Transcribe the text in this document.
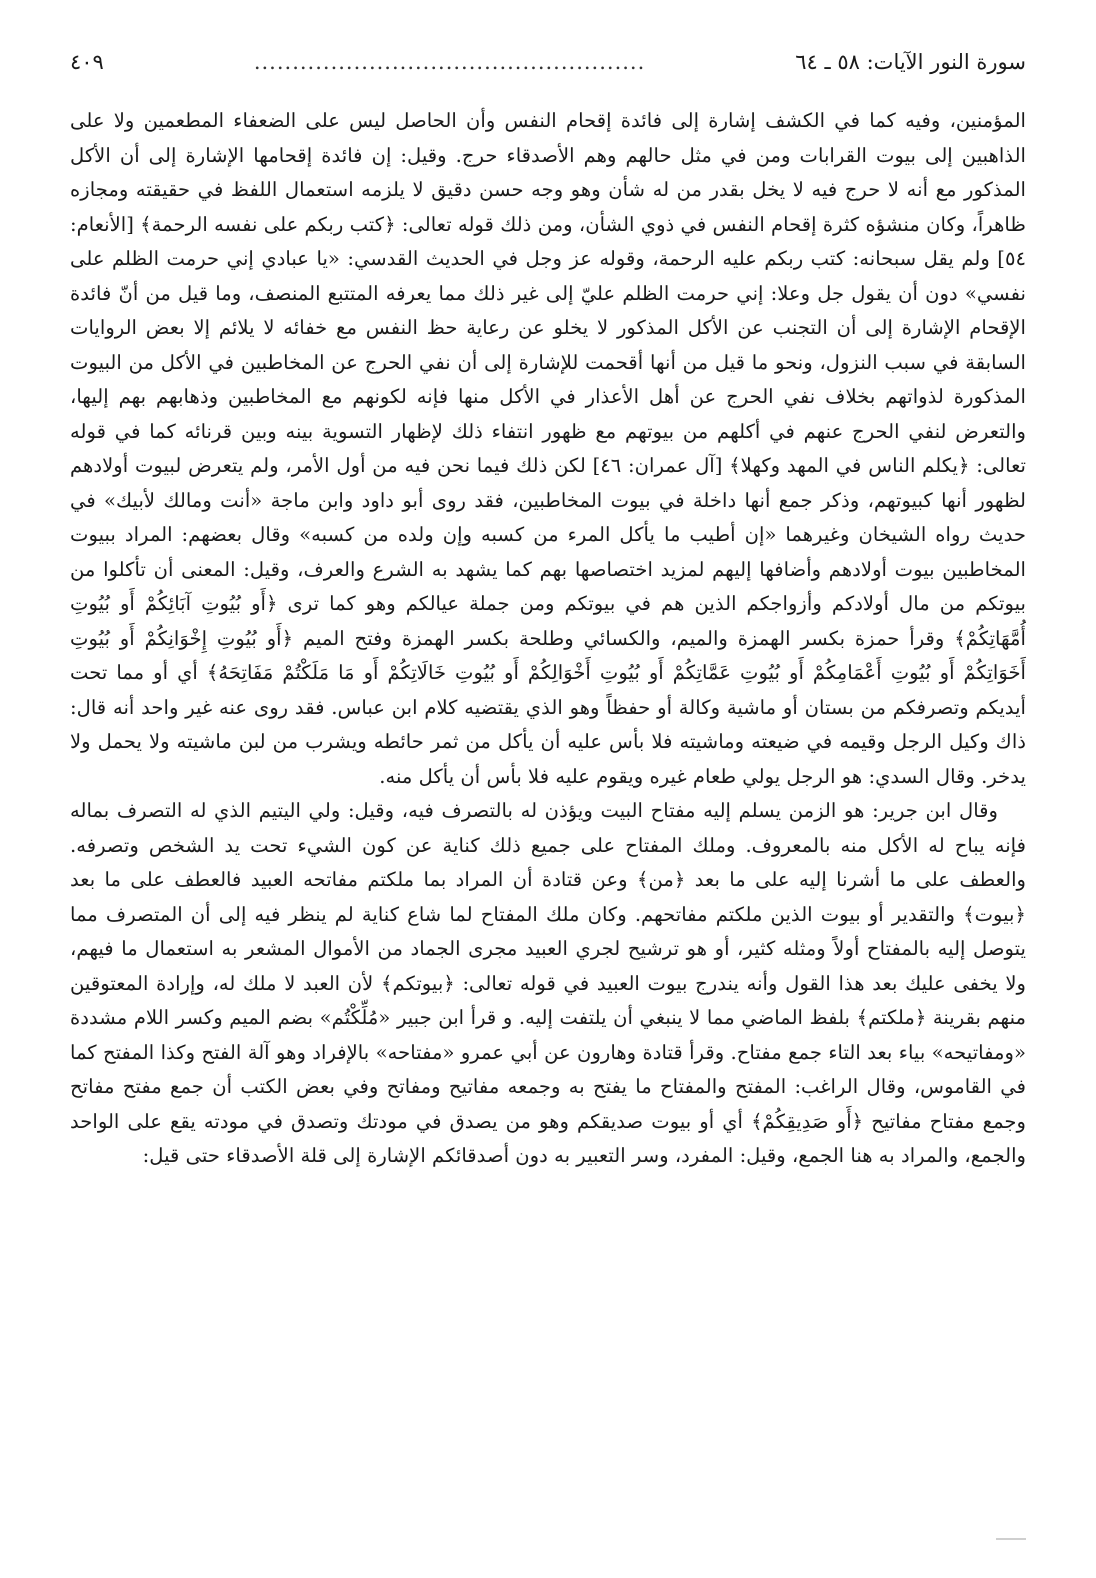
سورة النور الآيات: ٥٨ ـ ٦٤
...................................................
٤٠٩

المؤمنين، وفيه كما في الكشف إشارة إلى فائدة إقحام النفس وأن الحاصل ليس على الضعفاء المطعمين ولا على الذاهبين إلى بيوت القرابات ومن في مثل حالهم وهم الأصدقاء حرج. وقيل: إن فائدة إقحامها الإشارة إلى أن الأكل المذكور مع أنه لا حرج فيه لا يخل بقدر من له شأن وهو وجه حسن دقيق لا يلزمه استعمال اللفظ في حقيقته ومجازه ظاهراً، وكان منشؤه كثرة إقحام النفس في ذوي الشأن، ومن ذلك قوله تعالى: ﴿كتب ربكم على نفسه الرحمة﴾ [الأنعام: ٥٤] ولم يقل سبحانه: كتب ربكم عليه الرحمة، وقوله عز وجل في الحديث القدسي: «يا عبادي إني حرمت الظلم على نفسي» دون أن يقول جل وعلا: إني حرمت الظلم عليّ إلى غير ذلك مما يعرفه المتتبع المنصف، وما قيل من أنّ فائدة الإقحام الإشارة إلى أن التجنب عن الأكل المذكور لا يخلو عن رعاية حظ النفس مع خفائه لا يلائم إلا بعض الروايات السابقة في سبب النزول، ونحو ما قيل من أنها أقحمت للإشارة إلى أن نفي الحرج عن المخاطبين في الأكل من البيوت المذكورة لذواتهم بخلاف نفي الحرج عن أهل الأعذار في الأكل منها فإنه لكونهم مع المخاطبين وذهابهم بهم إليها، والتعرض لنفي الحرج عنهم في أكلهم من بيوتهم مع ظهور انتفاء ذلك لإظهار التسوية بينه وبين قرنائه كما في قوله تعالى: ﴿يكلم الناس في المهد وكهلا﴾ [آل عمران: ٤٦] لكن ذلك فيما نحن فيه من أول الأمر، ولم يتعرض لبيوت أولادهم لظهور أنها كبيوتهم، وذكر جمع أنها داخلة في بيوت المخاطبين، فقد روى أبو داود وابن ماجة «أنت ومالك لأبيك» في حديث رواه الشيخان وغيرهما «إن أطيب ما يأكل المرء من كسبه وإن ولده من كسبه» وقال بعضهم: المراد ببيوت المخاطبين بيوت أولادهم وأضافها إليهم لمزيد اختصاصها بهم كما يشهد به الشرع والعرف، وقيل: المعنى أن تأكلوا من بيوتكم من مال أولادكم وأزواجكم الذين هم في بيوتكم ومن جملة عيالكم وهو كما ترى ﴿أَو بُيُوتِ آبَائِكُمْ أَو بُيُوتِ أُمَّهَاتِكُمْ﴾ وقرأ حمزة بكسر الهمزة والميم، والكسائي وطلحة بكسر الهمزة وفتح الميم ﴿أَو بُيُوتِ إِخْوَانِكُمْ أَو بُيُوتِ أَخَوَاتِكُمْ أَو بُيُوتِ أَعْمَامِكُمْ أَو بُيُوتِ عَمَّاتِكُمْ أَو بُيُوتِ أَخْوَالِكُمْ أَو بُيُوتِ خَالَاتِكُمْ أَو مَا مَلَكْتُمْ مَفَاتِحَهُ﴾ أي أو مما تحت أيديكم وتصرفكم من بستان أو ماشية وكالة أو حفظاً وهو الذي يقتضيه كلام ابن عباس. فقد روى عنه غير واحد أنه قال: ذاك وكيل الرجل وقيمه في ضيعته وماشيته فلا بأس عليه أن يأكل من ثمر حائطه ويشرب من لبن ماشيته ولا يحمل ولا يدخر. وقال السدي: هو الرجل يولي طعام غيره ويقوم عليه فلا بأس أن يأكل منه.

وقال ابن جرير: هو الزمن يسلم إليه مفتاح البيت ويؤذن له بالتصرف فيه، وقيل: ولي اليتيم الذي له التصرف بماله فإنه يباح له الأكل منه بالمعروف. وملك المفتاح على جميع ذلك كناية عن كون الشيء تحت يد الشخص وتصرفه. والعطف على ما أشرنا إليه على ما بعد ﴿من﴾ وعن قتادة أن المراد بما ملكتم مفاتحه العبيد فالعطف على ما بعد ﴿بيوت﴾ والتقدير أو بيوت الذين ملكتم مفاتحهم. وكان ملك المفتاح لما شاع كناية لم ينظر فيه إلى أن المتصرف مما يتوصل إليه بالمفتاح أولاً ومثله كثير، أو هو ترشيح لجري العبيد مجرى الجماد من الأموال المشعر به استعمال ما فيهم، ولا يخفى عليك بعد هذا القول وأنه يندرج بيوت العبيد في قوله تعالى: ﴿بيوتكم﴾ لأن العبد لا ملك له، وإرادة المعتوقين منهم بقرينة ﴿ملكتم﴾ بلفظ الماضي مما لا ينبغي أن يلتفت إليه. و قرأ ابن جبير «مُلِّكْتُم» بضم الميم وكسر اللام مشددة «ومفاتيحه» بياء بعد التاء جمع مفتاح. وقرأ قتادة وهارون عن أبي عمرو «مفتاحه» بالإفراد وهو آلة الفتح وكذا المفتح كما في القاموس، وقال الراغب: المفتح والمفتاح ما يفتح به وجمعه مفاتيح ومفاتح وفي بعض الكتب أن جمع مفتح مفاتح وجمع مفتاح مفاتيح ﴿أَو صَدِيقِكُمْ﴾ أي أو بيوت صديقكم وهو من يصدق في مودتك وتصدق في مودته يقع على الواحد والجمع، والمراد به هنا الجمع، وقيل: المفرد، وسر التعبير به دون أصدقائكم الإشارة إلى قلة الأصدقاء حتى قيل:
